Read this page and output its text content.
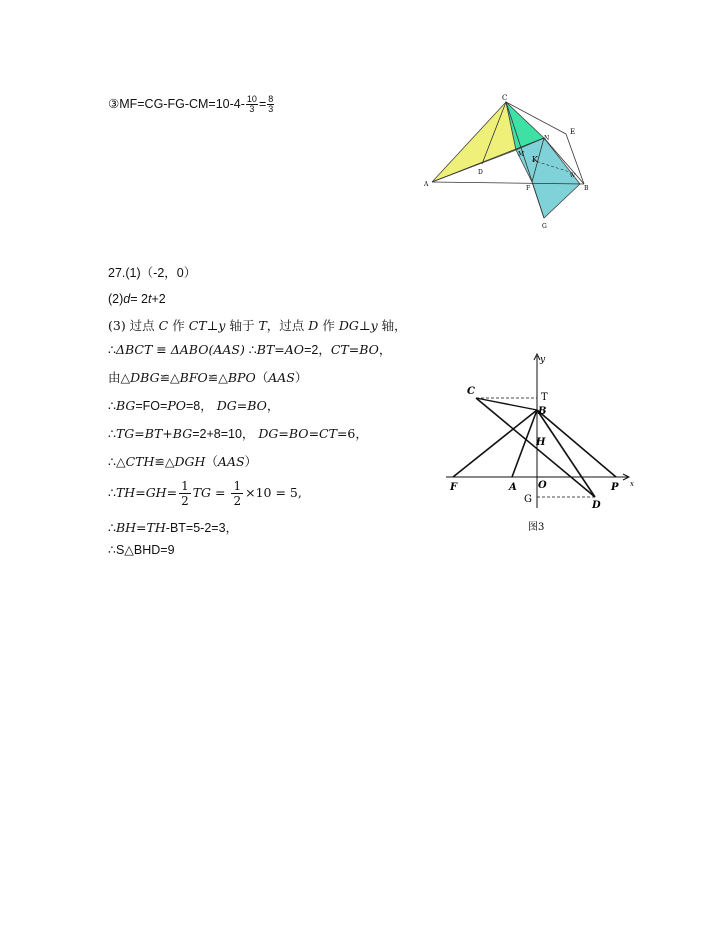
③MF=CG-FG-CM=10-4- $\frac{10}{3} = \frac{8}{3}$	C
E
N
M
K
D
A
F	B
W
G
27.(1)（-2，0）
(2)d= 2t+2
(3) 过点 C 作 CT⊥y 轴于 T，过点 D 作 DG⊥y 轴，
∴ΔBCT ≡ ΔABO(AAS) ∴BT=AO=2，CT=BO，
由△DBG≌△BFO≌△BPO（AAS）
∴BG=FO=PO=8， DG=BO，
∴TG=BT+BG=2+8=10， DG=BO=CT=6，
∴△CTH≌△DGH（AAS）
∴TH=GH= $\frac{1}{2}$ TG = $\frac{1}{2} \times 10 = 5$,
∴BH=TH-BT=5-2=3，
∴S△BHD=9
y
x
T
C
B
H
F	A O	P
G
D
图3
